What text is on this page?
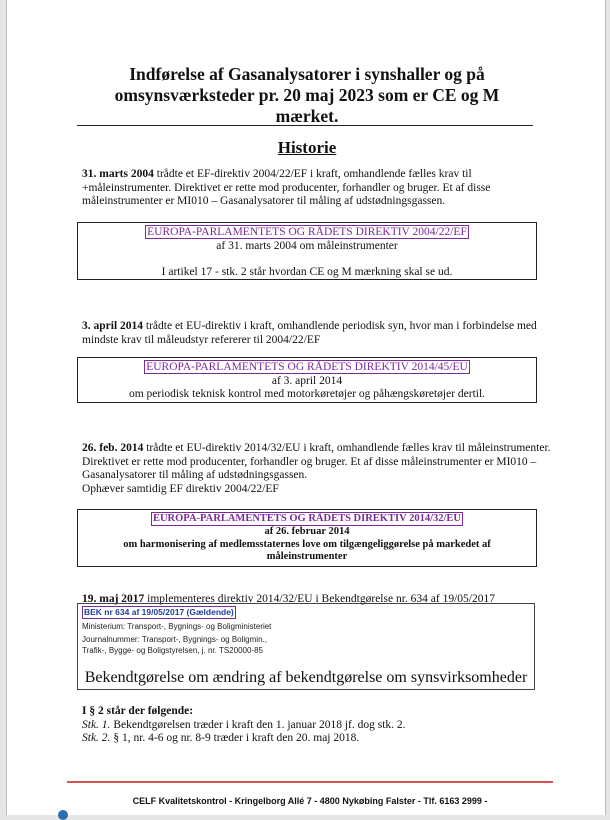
Indførelse af Gasanalysatorer i synshaller og på
omsynsværksteder pr. 20 maj 2023 som er CE og M
mærket.
Historie
31. marts 2004 trådte et EF-direktiv 2004/22/EF i kraft, omhandlende fælles krav til +måleinstrumenter. Direktivet er rette mod producenter, forhandler og bruger. Et af disse måleinstrumenter er MI010 – Gasanalysatorer til måling af udstødningsgassen.
EUROPA-PARLAMENTETS OG RÅDETS DIREKTIV 2004/22/EF
af 31. marts 2004 om måleinstrumenter
I artikel 17 - stk. 2 står hvordan CE og M mærkning skal se ud.
3. april 2014 trådte et EU-direktiv i kraft, omhandlende periodisk syn, hvor man i forbindelse med mindste krav til måleudstyr refererer til 2004/22/EF
EUROPA-PARLAMENTETS OG RÅDETS DIREKTIV 2014/45/EU
af 3. april 2014
om periodisk teknisk kontrol med motorkøretøjer og påhængskøretøjer dertil.
26. feb. 2014 trådte et EU-direktiv 2014/32/EU i kraft, omhandlende fælles krav til måleinstrumenter. Direktivet er rette mod producenter, forhandler og bruger. Et af disse måleinstrumenter er MI010 – Gasanalysatorer til måling af udstødningsgassen.
Ophæver samtidig EF direktiv 2004/22/EF
EUROPA-PARLAMENTETS OG RÅDETS DIREKTIV 2014/32/EU
af 26. februar 2014
om harmonisering af medlemsstaternes love om tilgængeliggørelse på markedet af
måleinstrumenter
19. maj 2017 implementeres direktiv 2014/32/EU i Bekendtgørelse nr. 634 af 19/05/2017
BEK nr 634 af 19/05/2017 (Gældende)
Ministerium: Transport-, Bygnings- og Boligministeriet
Journalnummer: Transport-, Bygnings- og Boligmin.,
Trafik-, Bygge- og Boligstyrelsen, j. nr. TS20000-85
Bekendtgørelse om ændring af bekendtgørelse om synsvirksomheder
I § 2 står der følgende:
Stk. 1. Bekendtgørelsen træder i kraft den 1. januar 2018 jf. dog stk. 2.
Stk. 2. § 1, nr. 4-6 og nr. 8-9 træder i kraft den 20. maj 2018.
CELF Kvalitetskontrol - Kringelborg Allé 7 - 4800 Nykøbing Falster - Tlf. 6163 2999 -
